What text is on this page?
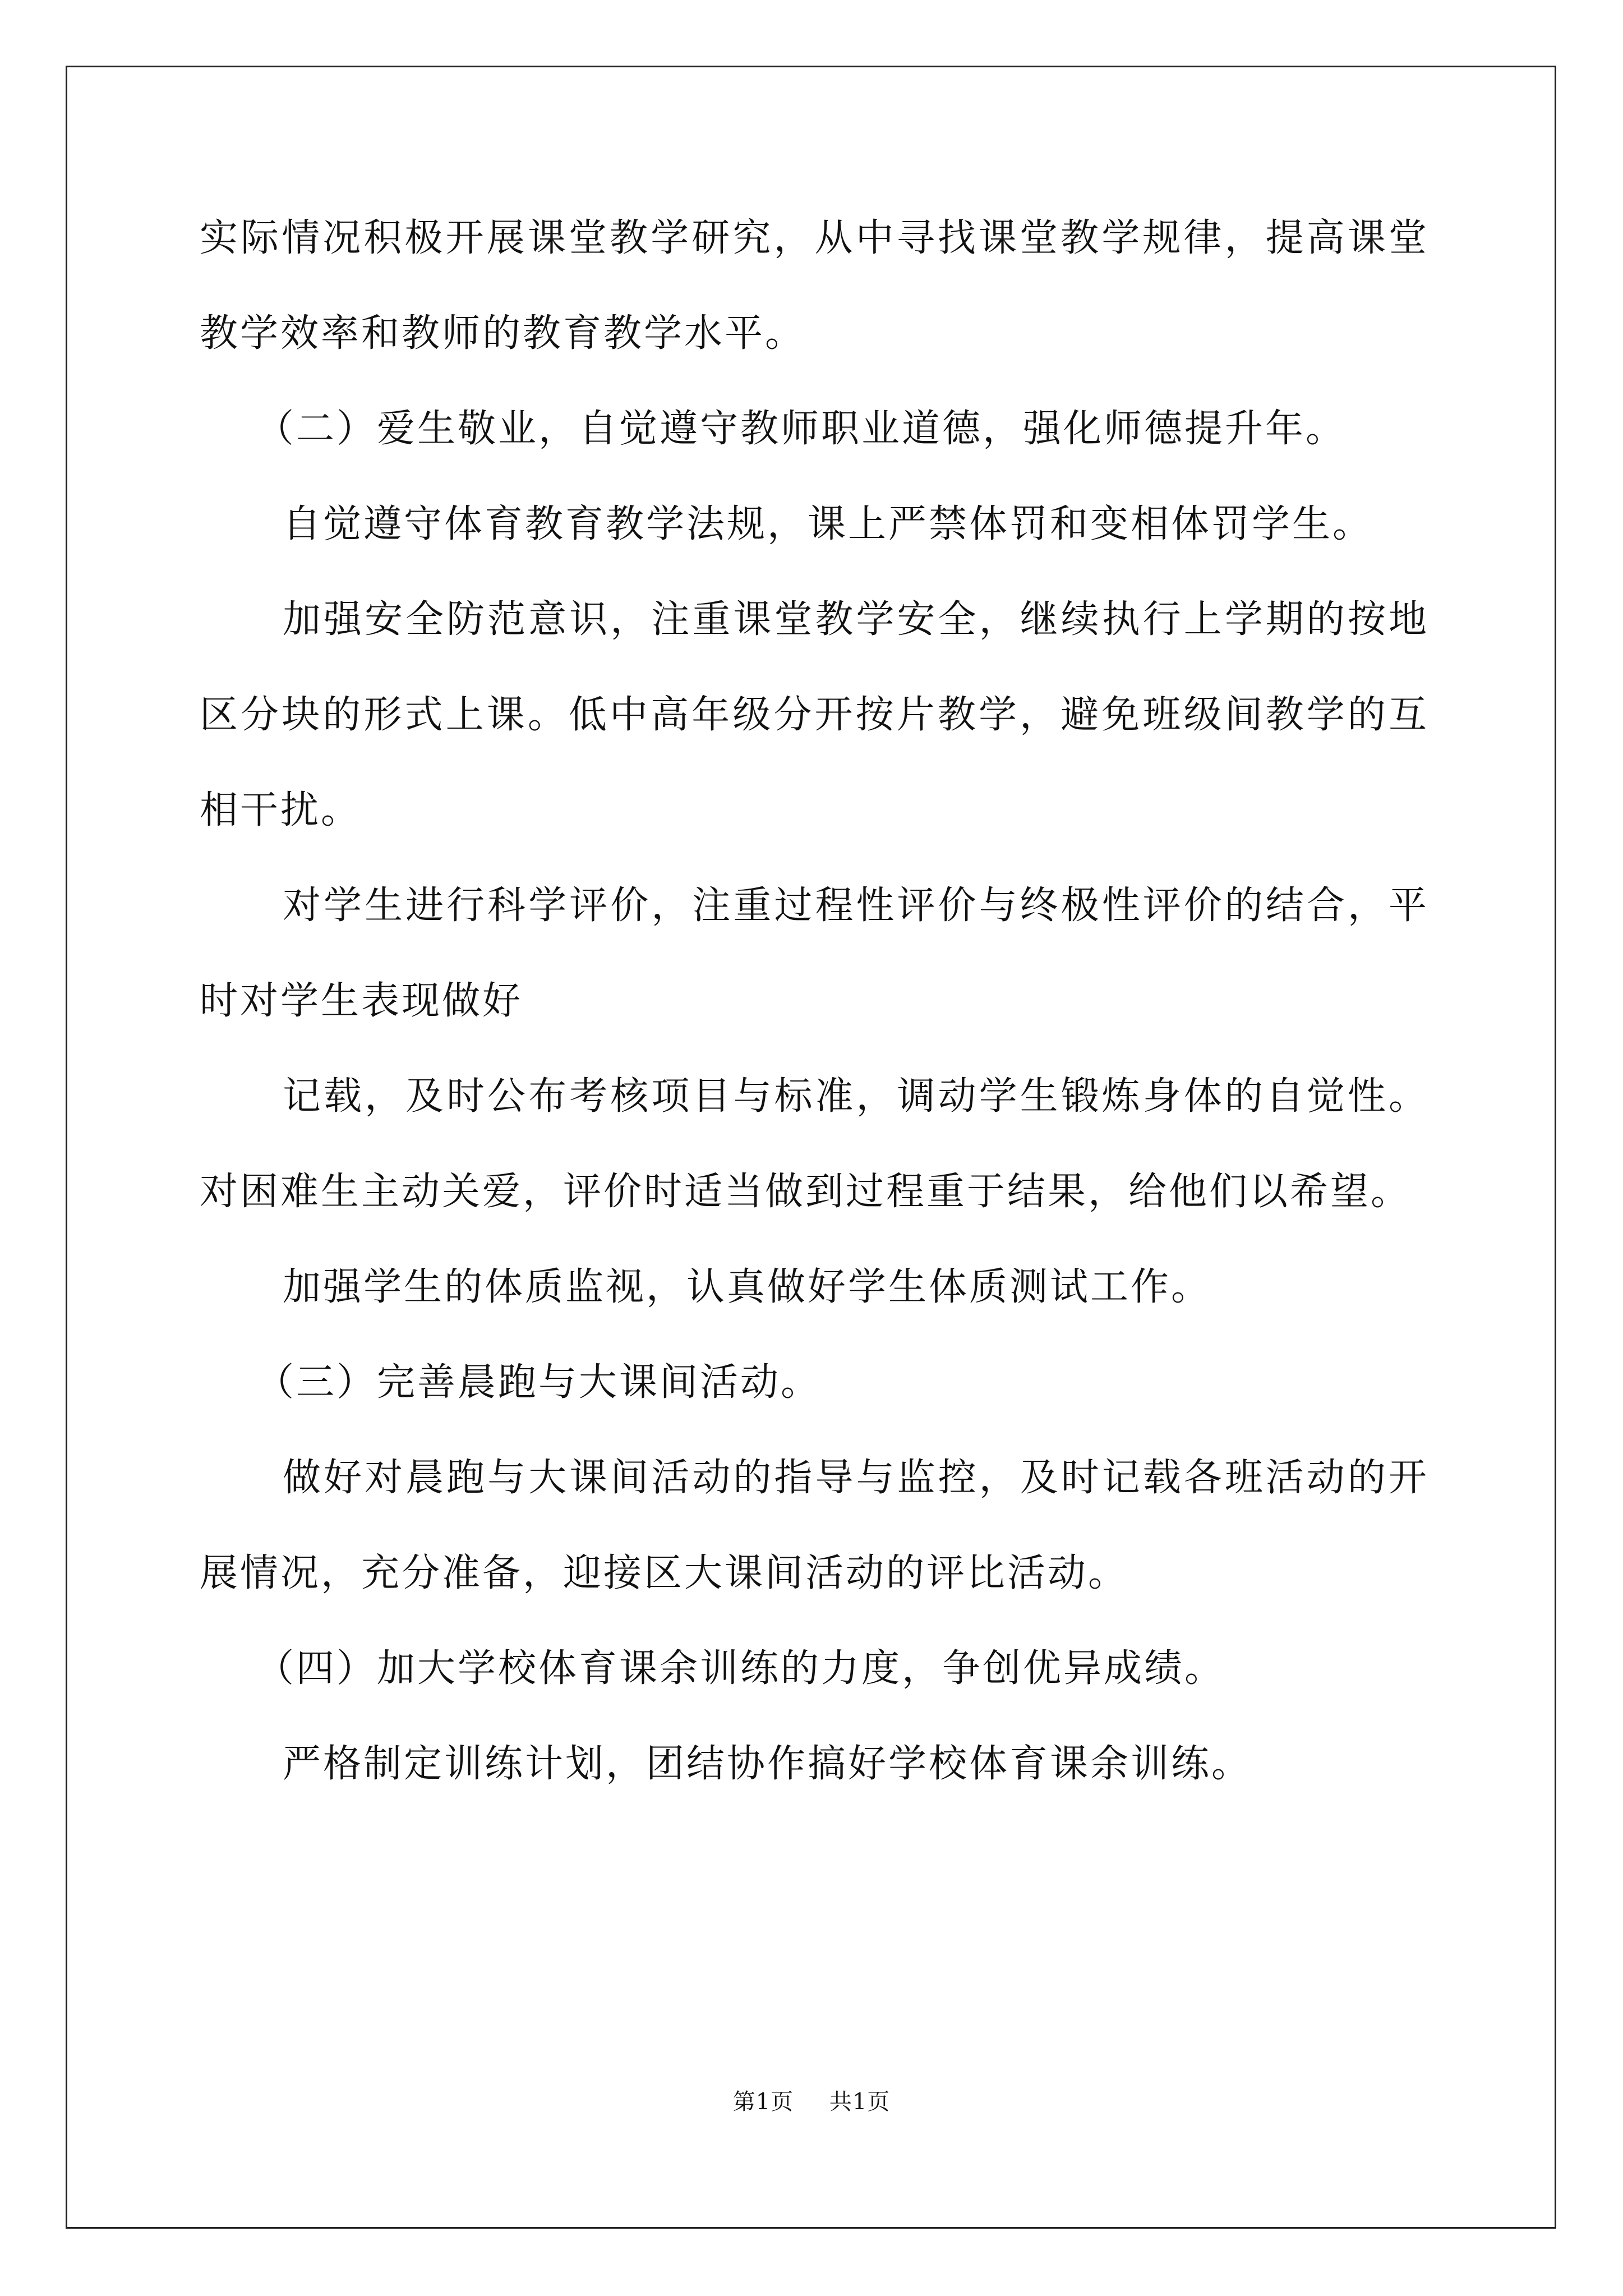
实际情况积极开展课堂教学研究，从中寻找课堂教学规律，提高课堂教学效率和教师的教育教学水平。

（二）爱生敬业，自觉遵守教师职业道德，强化师德提升年。

自觉遵守体育教育教学法规，课上严禁体罚和变相体罚学生。

加强安全防范意识，注重课堂教学安全，继续执行上学期的按地区分块的形式上课。低中高年级分开按片教学，避免班级间教学的互相干扰。

对学生进行科学评价，注重过程性评价与终极性评价的结合，平时对学生表现做好

记载，及时公布考核项目与标准，调动学生锻炼身体的自觉性。对困难生主动关爱，评价时适当做到过程重于结果，给他们以希望。

加强学生的体质监视，认真做好学生体质测试工作。

（三）完善晨跑与大课间活动。

做好对晨跑与大课间活动的指导与监控，及时记载各班活动的开展情况，充分准备，迎接区大课间活动的评比活动。

（四）加大学校体育课余训练的力度，争创优异成绩。

严格制定训练计划，团结协作搞好学校体育课余训练。

第1页 共1页
